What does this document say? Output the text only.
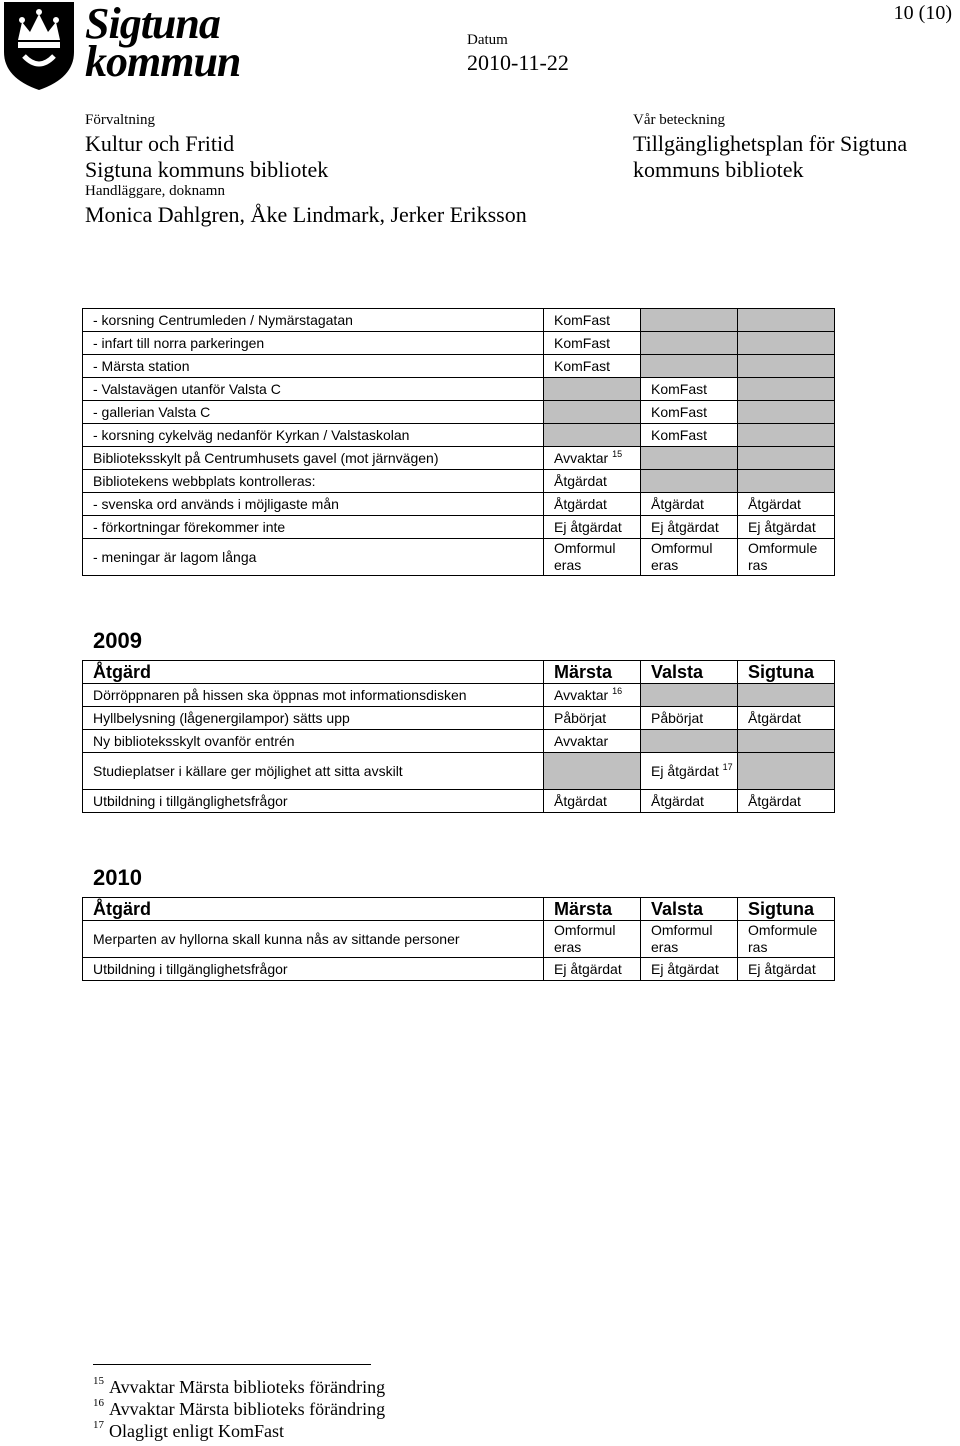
Sigtuna
kommun
10 (10)
Datum
2010-11-22
Förvaltning
Kultur och Fritid
Sigtuna kommuns bibliotek
Handläggare, doknamn
Monica Dahlgren, Åke Lindmark, Jerker Eriksson
Vår beteckning
Tillgänglighetsplan för Sigtuna
kommuns bibliotek
- korsning Centrumleden / Nymärstagatan	KomFast		
- infart till norra parkeringen	KomFast		
- Märsta station	KomFast		
- Valstavägen utanför Valsta C		KomFast	
- gallerian Valsta C		KomFast	
- korsning cykelväg nedanför Kyrkan / Valstaskolan		KomFast	
Biblioteksskylt på Centrumhusets gavel (mot järnvägen)	Avvaktar $^{15}$		
Bibliotekens webbplats kontrolleras:	Åtgärdat		
- svenska ord används i möjligaste mån	Åtgärdat	Åtgärdat	Åtgärdat
- förkortningar förekommer inte	Ej åtgärdat	Ej åtgärdat	Ej åtgärdat
- meningar är lagom långa	Omformul eras	Omformul eras	Omformule ras
2009
Åtgärd	Märsta	Valsta	Sigtuna
Dörröppnaren på hissen ska öppnas mot informationsdisken	Avvaktar $^{16}$		
Hyllbelysning (lågenergilampor) sätts upp	Påbörjat	Påbörjat	Åtgärdat
Ny biblioteksskylt ovanför entrén	Avvaktar		
Studieplatser i källare ger möjlighet att sitta avskilt		Ej åtgärdat $^{17}$	
Utbildning i tillgänglighetsfrågor	Åtgärdat	Åtgärdat	Åtgärdat
2010
Åtgärd	Märsta	Valsta	Sigtuna
Merparten av hyllorna skall kunna nås av sittande personer	Omformul eras	Omformul eras	Omformule ras
Utbildning i tillgänglighetsfrågor	Ej åtgärdat	Ej åtgärdat	Ej åtgärdat
$^{15}$ Avvaktar Märsta biblioteks förändring
$^{16}$ Avvaktar Märsta biblioteks förändring
$^{17}$ Olagligt enligt KomFast
